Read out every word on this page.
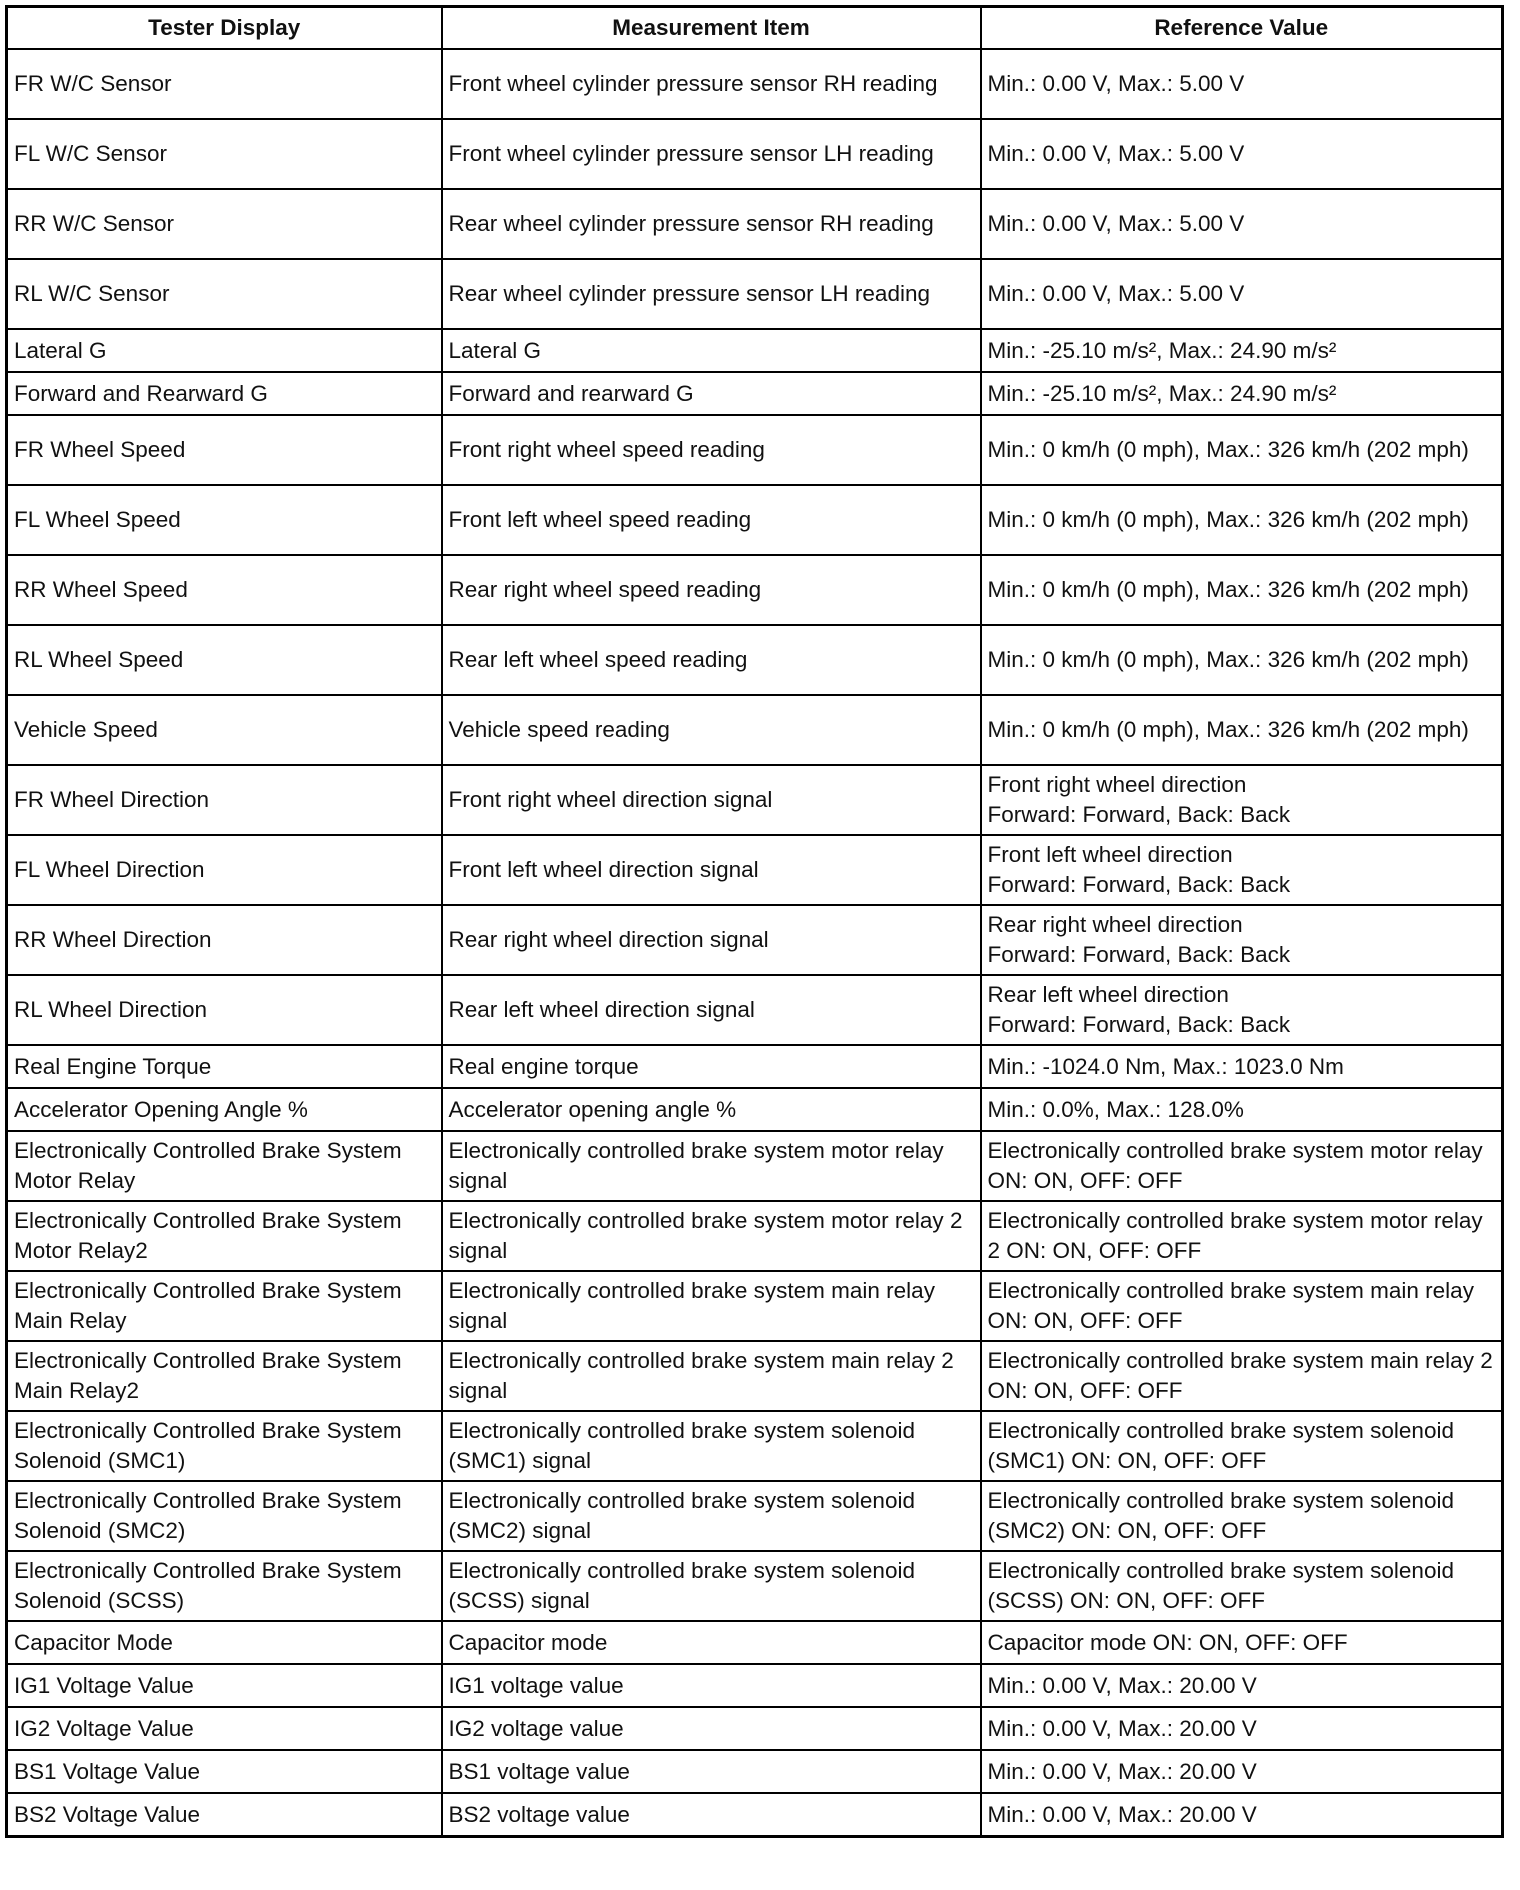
Tester Display	Measurement Item	Reference Value
FR W/C Sensor	Front wheel cylinder pressure sensor RH reading	Min.: 0.00 V, Max.: 5.00 V
FL W/C Sensor	Front wheel cylinder pressure sensor LH reading	Min.: 0.00 V, Max.: 5.00 V
RR W/C Sensor	Rear wheel cylinder pressure sensor RH reading	Min.: 0.00 V, Max.: 5.00 V
RL W/C Sensor	Rear wheel cylinder pressure sensor LH reading	Min.: 0.00 V, Max.: 5.00 V
Lateral G	Lateral G	Min.: -25.10 m/s², Max.: 24.90 m/s²
Forward and Rearward G	Forward and rearward G	Min.: -25.10 m/s², Max.: 24.90 m/s²
FR Wheel Speed	Front right wheel speed reading	Min.: 0 km/h (0 mph), Max.: 326 km/h (202 mph)
FL Wheel Speed	Front left wheel speed reading	Min.: 0 km/h (0 mph), Max.: 326 km/h (202 mph)
RR Wheel Speed	Rear right wheel speed reading	Min.: 0 km/h (0 mph), Max.: 326 km/h (202 mph)
RL Wheel Speed	Rear left wheel speed reading	Min.: 0 km/h (0 mph), Max.: 326 km/h (202 mph)
Vehicle Speed	Vehicle speed reading	Min.: 0 km/h (0 mph), Max.: 326 km/h (202 mph)
FR Wheel Direction	Front right wheel direction signal	Front right wheel direction
Forward: Forward, Back: Back
FL Wheel Direction	Front left wheel direction signal	Front left wheel direction
Forward: Forward, Back: Back
RR Wheel Direction	Rear right wheel direction signal	Rear right wheel direction
Forward: Forward, Back: Back
RL Wheel Direction	Rear left wheel direction signal	Rear left wheel direction
Forward: Forward, Back: Back
Real Engine Torque	Real engine torque	Min.: -1024.0 Nm, Max.: 1023.0 Nm
Accelerator Opening Angle %	Accelerator opening angle %	Min.: 0.0%, Max.: 128.0%
Electronically Controlled Brake System Motor Relay	Electronically controlled brake system motor relay signal	Electronically controlled brake system motor relay ON: ON, OFF: OFF
Electronically Controlled Brake System Motor Relay2	Electronically controlled brake system motor relay 2 signal	Electronically controlled brake system motor relay 2 ON: ON, OFF: OFF
Electronically Controlled Brake System Main Relay	Electronically controlled brake system main relay signal	Electronically controlled brake system main relay ON: ON, OFF: OFF
Electronically Controlled Brake System Main Relay2	Electronically controlled brake system main relay 2 signal	Electronically controlled brake system main relay 2 ON: ON, OFF: OFF
Electronically Controlled Brake System Solenoid (SMC1)	Electronically controlled brake system solenoid (SMC1) signal	Electronically controlled brake system solenoid (SMC1) ON: ON, OFF: OFF
Electronically Controlled Brake System Solenoid (SMC2)	Electronically controlled brake system solenoid (SMC2) signal	Electronically controlled brake system solenoid (SMC2) ON: ON, OFF: OFF
Electronically Controlled Brake System Solenoid (SCSS)	Electronically controlled brake system solenoid (SCSS) signal	Electronically controlled brake system solenoid (SCSS) ON: ON, OFF: OFF
Capacitor Mode	Capacitor mode	Capacitor mode ON: ON, OFF: OFF
IG1 Voltage Value	IG1 voltage value	Min.: 0.00 V, Max.: 20.00 V
IG2 Voltage Value	IG2 voltage value	Min.: 0.00 V, Max.: 20.00 V
BS1 Voltage Value	BS1 voltage value	Min.: 0.00 V, Max.: 20.00 V
BS2 Voltage Value	BS2 voltage value	Min.: 0.00 V, Max.: 20.00 V
